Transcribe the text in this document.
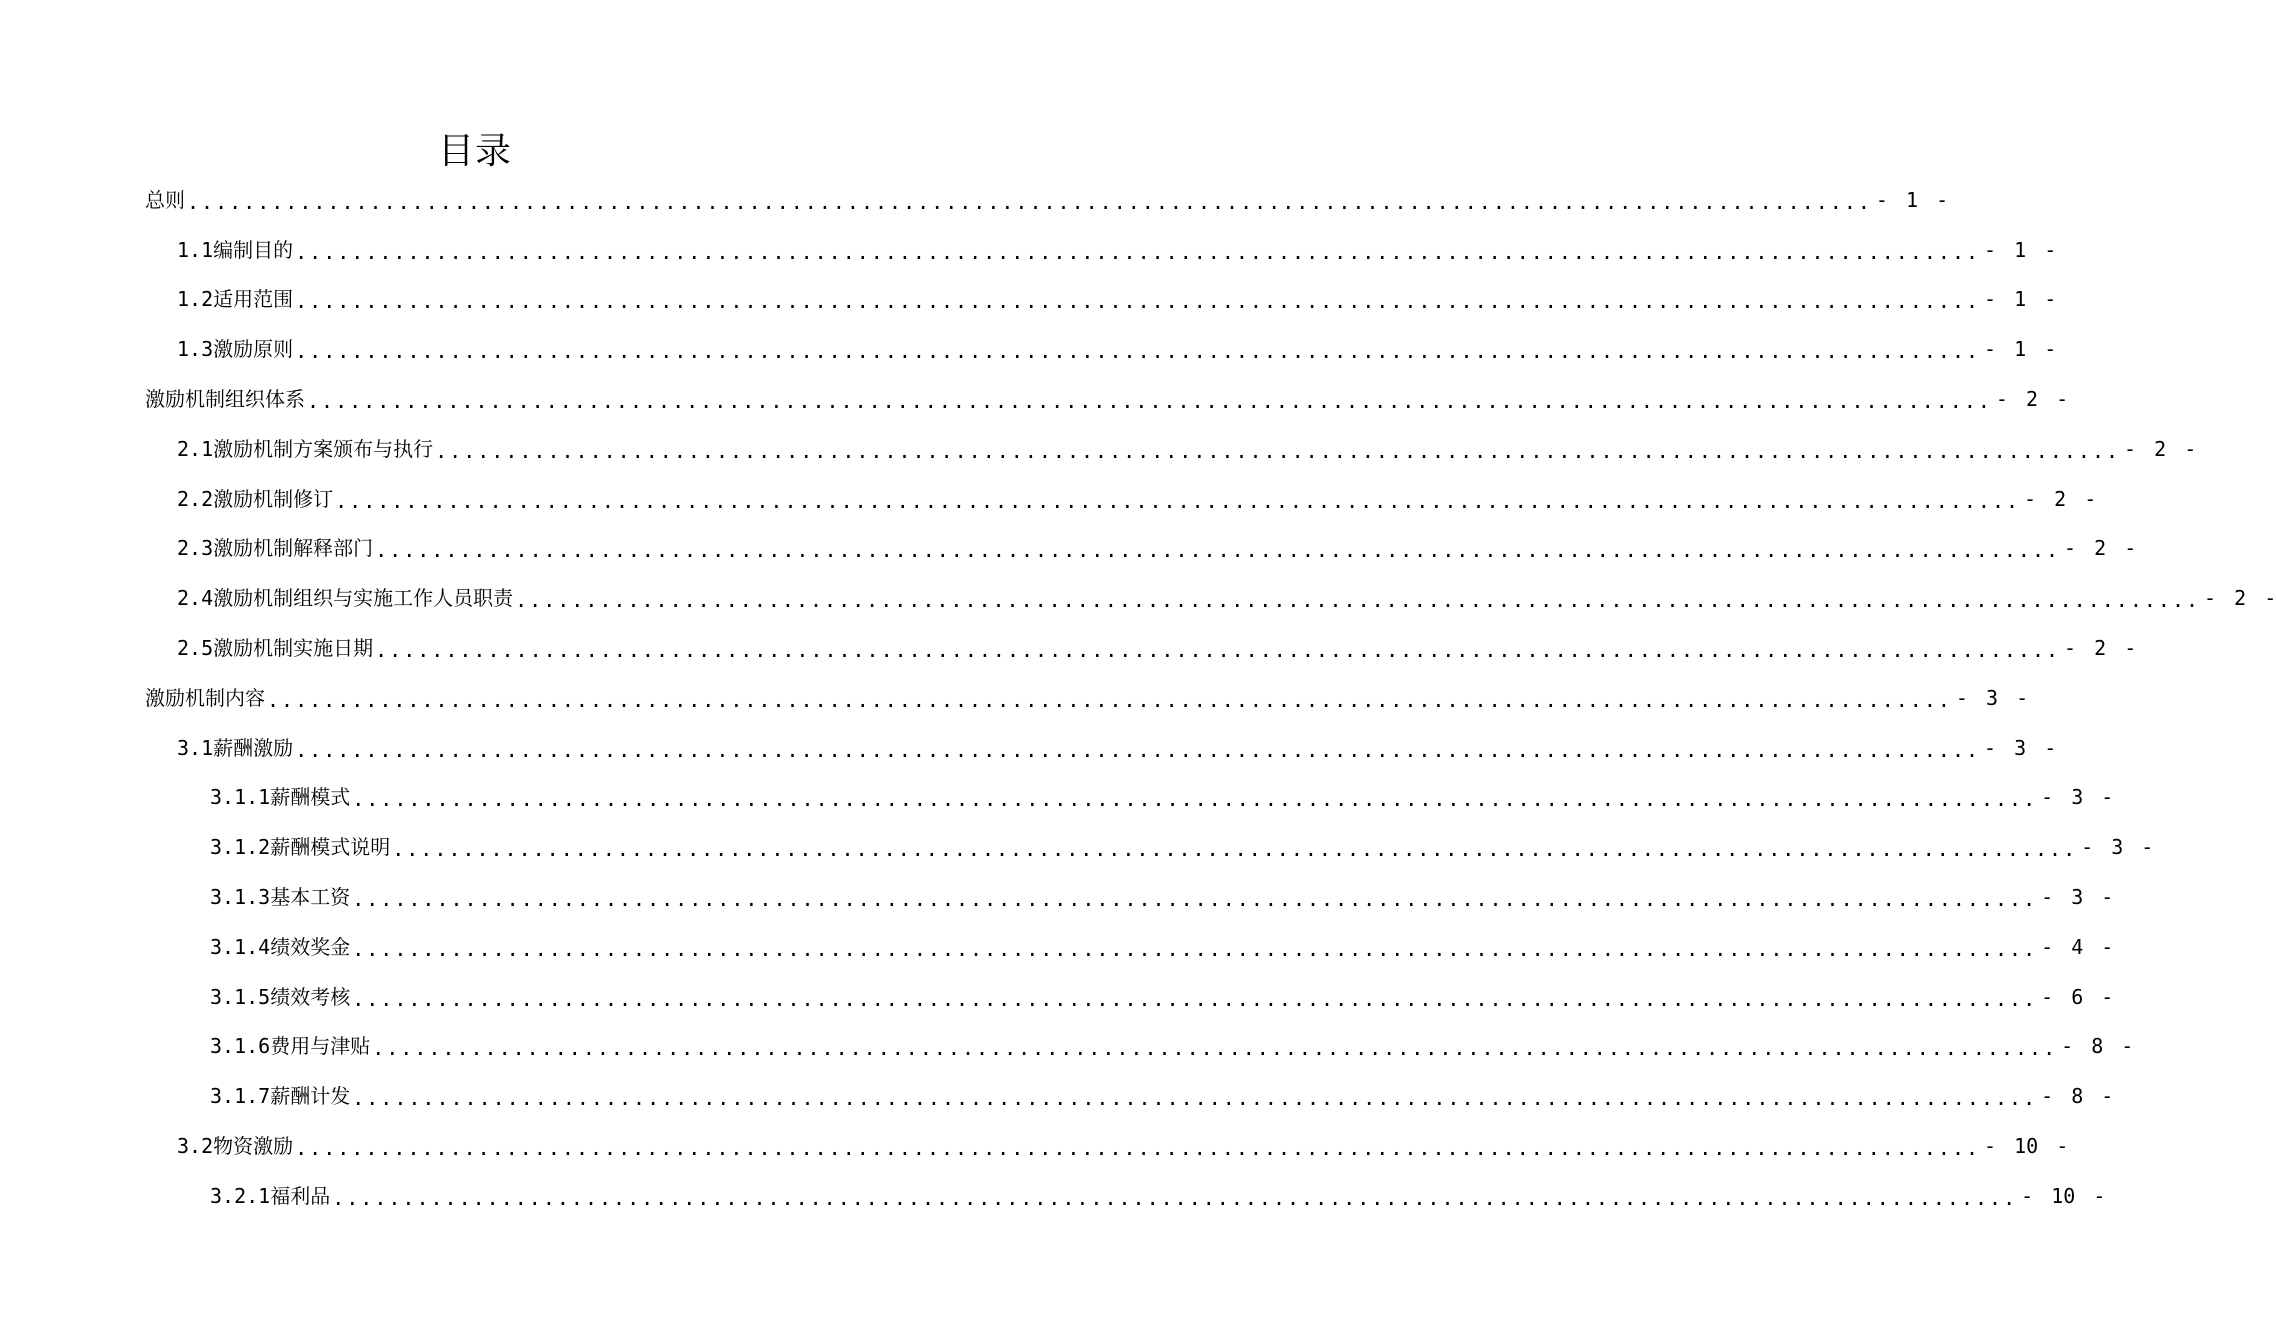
目录
总则 ........................................................................................................................ - 1 -
1.1编制目的 ........................................................................................................................ - 1 -
1.2适用范围 ........................................................................................................................ - 1 -
1.3激励原则 ........................................................................................................................ - 1 -
激励机制组织体系 ........................................................................................................................ - 2 -
2.1激励机制方案颁布与执行 ........................................................................................................................ - 2 -
2.2激励机制修订 ........................................................................................................................ - 2 -
2.3激励机制解释部门 ........................................................................................................................ - 2 -
2.4激励机制组织与实施工作人员职责 ........................................................................................................................ - 2 -
2.5激励机制实施日期 ........................................................................................................................ - 2 -
激励机制内容 ........................................................................................................................ - 3 -
3.1薪酬激励 ........................................................................................................................ - 3 -
3.1.1薪酬模式 ........................................................................................................................ - 3 -
3.1.2薪酬模式说明 ........................................................................................................................ - 3 -
3.1.3基本工资 ........................................................................................................................ - 3 -
3.1.4绩效奖金 ........................................................................................................................ - 4 -
3.1.5绩效考核 ........................................................................................................................ - 6 -
3.1.6费用与津贴 ........................................................................................................................ - 8 -
3.1.7薪酬计发 ........................................................................................................................ - 8 -
3.2物资激励 ........................................................................................................................ - 10 -
3.2.1福利品 ........................................................................................................................ - 10 -
